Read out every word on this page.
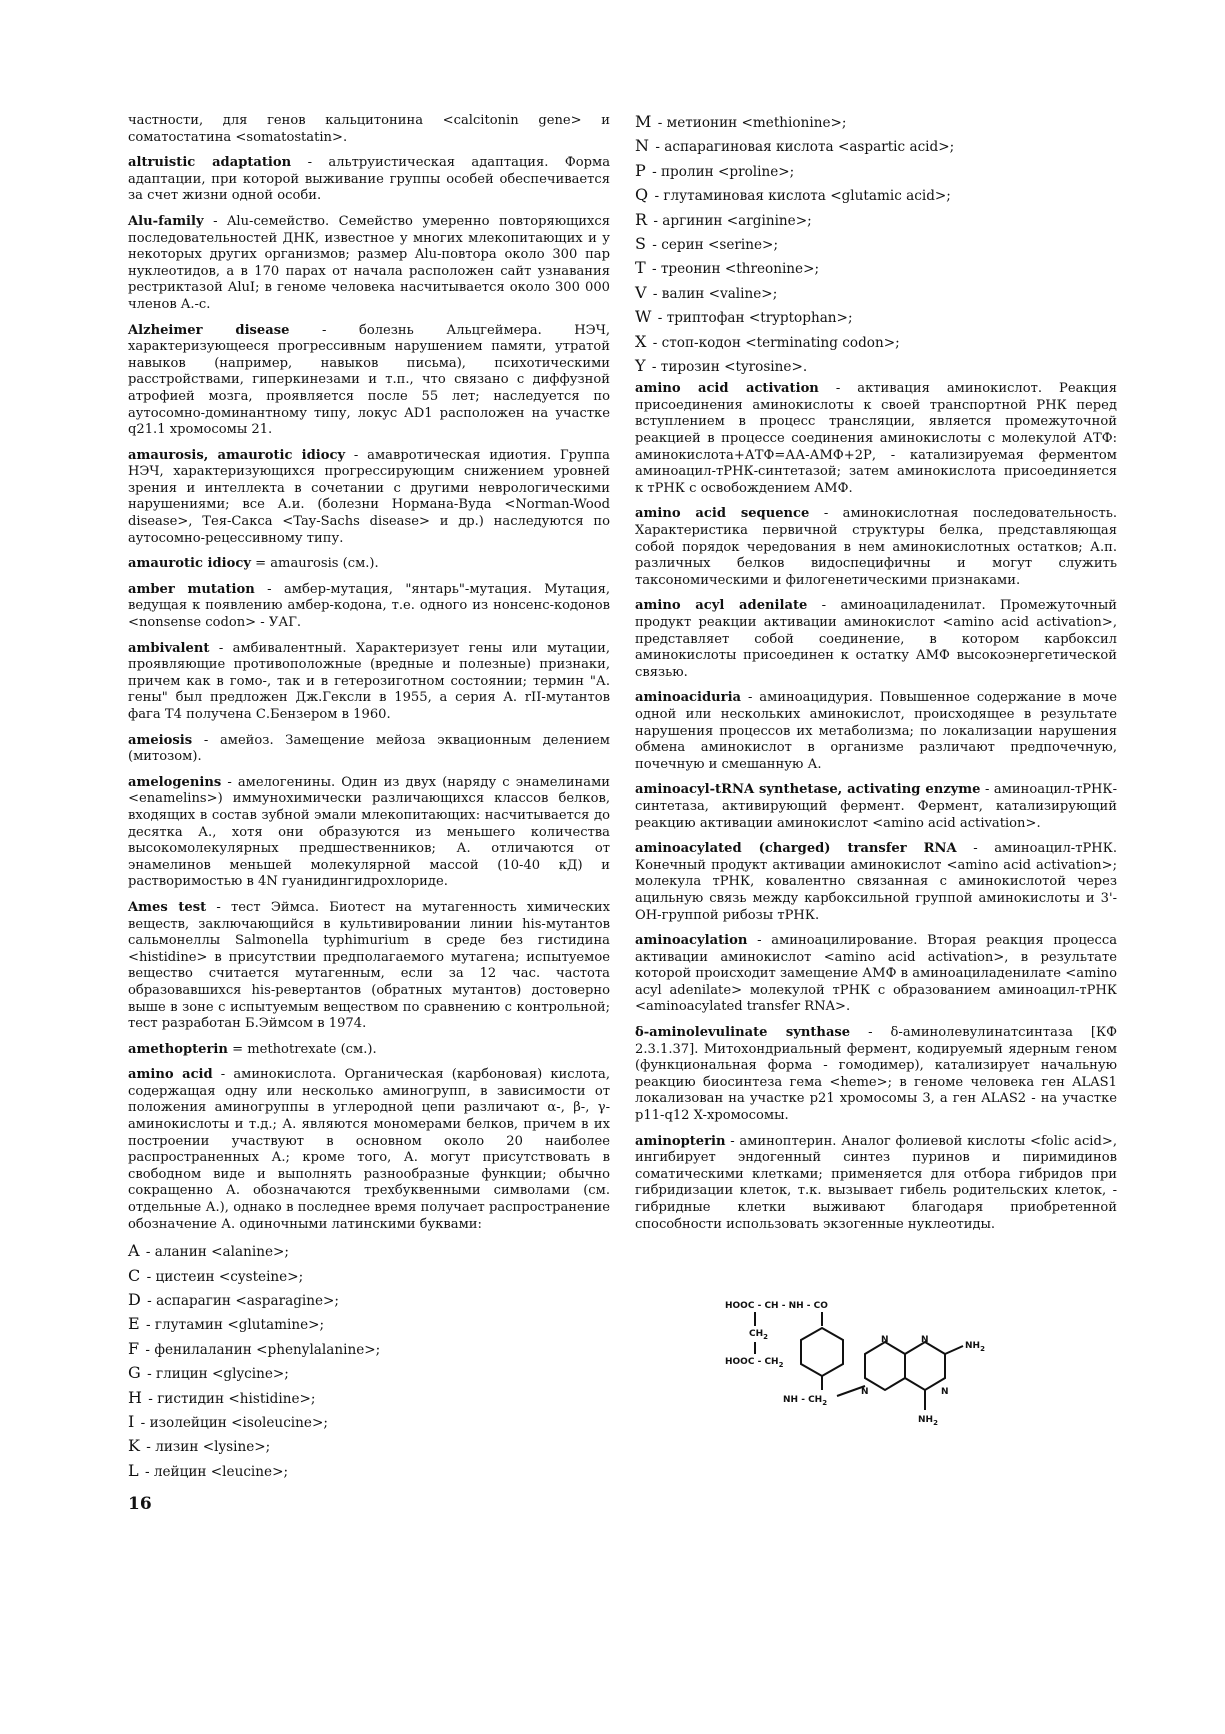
частности, для генов кальцитонина <calcitonin gene> и соматостатина <somatostatin>.
altruistic adaptation - альтруистическая адаптация. Форма адаптации, при которой выживание группы особей обеспечивается за счет жизни одной особи.
Alu-family - Alu-семейство. Семейство умеренно повторяющихся последовательностей ДНК, известное у многих млекопитающих и у некоторых других организмов; размер Alu-повтора около 300 пар нуклеотидов, а в 170 парах от начала расположен сайт узнавания рестриктазой AluI; в геноме человека насчитывается около 300 000 членов A.-с.
Alzheimer disease - болезнь Альцгеймера. НЭЧ, характеризующееся прогрессивным нарушением памяти, утратой навыков (например, навыков письма), психотическими расстройствами, гиперкинезами и т.п., что связано с диффузной атрофией мозга, проявляется после 55 лет; наследуется по аутосомно-доминантному типу, локус AD1 расположен на участке q21.1 хромосомы 21.
amaurosis, amaurotic idiocy - амавротическая идиотия. Группа НЭЧ, характеризующихся прогрессирующим снижением уровней зрения и интеллекта в сочетании с другими неврологическими нарушениями; все А.и. (болезни Нормана-Вуда <Norman-Wood disease>, Тея-Сакса <Tay-Sachs disease> и др.) наследуются по аутосомно-рецессивному типу.
amaurotic idiocy = amaurosis (см.).
amber mutation - амбер-мутация, "янтарь"-мутация. Мутация, ведущая к появлению амбер-кодона, т.е. одного из нонсенс-кодонов <nonsense codon> - УАГ.
ambivalent - амбивалентный. Характеризует гены или мутации, проявляющие противоположные (вредные и полезные) признаки, причем как в гомо-, так и в гетерозиготном состоянии; термин "А. гены" был предложен Дж.Гексли в 1955, а серия A. rII-мутантов фага T4 получена С.Бензером в 1960.
ameiosis - амейоз. Замещение мейоза эквационным делением (митозом).
amelogenins - амелогенины. Один из двух (наряду с энамелинами <enamelins>) иммунохимически различающихся классов белков, входящих в состав зубной эмали млекопитающих: насчитывается до десятка А., хотя они образуются из меньшего количества высокомолекулярных предшественников; А. отличаются от энамелинов меньшей молекулярной массой (10-40 кД) и растворимостью в 4N гуанидингидрохлориде.
Ames test - тест Эймса. Биотест на мутагенность химических веществ, заключающийся в культивировании линии his-мутантов сальмонеллы Salmonella typhimurium в среде без гистидина <histidine> в присутствии предполагаемого мутагена; испытуемое вещество считается мутагенным, если за 12 час. частота образовавшихся his-ревертантов (обратных мутантов) достоверно выше в зоне с испытуемым веществом по сравнению с контрольной; тест разработан Б.Эймсом в 1974.
amethopterin = methotrexate (см.).
amino acid - аминокислота. Органическая (карбоновая) кислота, содержащая одну или несколько аминогрупп, в зависимости от положения аминогруппы в углеродной цепи различают α-, β-, γ-аминокислоты и т.д.; А. являются мономерами белков, причем в их построении участвуют в основном около 20 наиболее распространенных А.; кроме того, А. могут присутствовать в свободном виде и выполнять разнообразные функции; обычно сокращенно А. обозначаются трехбуквенными символами (см. отдельные А.), однако в последнее время получает распространение обозначение А. одиночными латинскими буквами:
A - аланин <alanine>;
C - цистеин <cysteine>;
D - аспарагин <asparagine>;
E - глутамин <glutamine>;
F - фенилаланин <phenylalanine>;
G - глицин <glycine>;
H - гистидин <histidine>;
I - изолейцин <isoleucine>;
K - лизин <lysine>;
L - лейцин <leucine>;
M - метионин <methionine>;
N - аспарагиновая кислота <aspartic acid>;
P - пролин <proline>;
Q - глутаминовая кислота <glutamic acid>;
R - аргинин <arginine>;
S - серин <serine>;
T - треонин <threonine>;
V - валин <valine>;
W - триптофан <tryptophan>;
X - стоп-кодон <terminating codon>;
Y - тирозин <tyrosine>.
amino acid activation - активация аминокислот. Реакция присоединения аминокислоты к своей транспортной РНК перед вступлением в процесс трансляции, является промежуточной реакцией в процессе соединения аминокислоты с молекулой АТФ: аминокислота+АТФ=АА-АМФ+2Р, - катализируемая ферментом аминоацил-тРНК-синтетазой; затем аминокислота присоединяется к тРНК с освобождением АМФ.
amino acid sequence - аминокислотная последовательность. Характеристика первичной структуры белка, представляющая собой порядок чередования в нем аминокислотных остатков; А.п. различных белков видоспецифичны и могут служить таксономическими и филогенетическими признаками.
amino acyl adenilate - аминоациладенилат. Промежуточный продукт реакции активации аминокислот <amino acid activation>, представляет собой соединение, в котором карбоксил аминокислоты присоединен к остатку АМФ высокоэнергетической связью.
aminoaciduria - аминоацидурия. Повышенное содержание в моче одной или нескольких аминокислот, происходящее в результате нарушения процессов их метаболизма; по локализации нарушения обмена аминокислот в организме различают предпочечную, почечную и смешанную А.
aminoacyl-tRNA synthetase, activating enzyme - аминоацил-тРНК-синтетаза, активирующий фермент. Фермент, катализирующий реакцию активации аминокислот <amino acid activation>.
aminoacylated (charged) transfer RNA - аминоацил-тРНК. Конечный продукт активации аминокислот <amino acid activation>; молекула тРНК, ковалентно связанная с аминокислотой через ацильную связь между карбоксильной группой аминокислоты и 3'-ОН-группой рибозы тРНК.
aminoacylation - аминоацилирование. Вторая реакция процесса активации аминокислот <amino acid activation>, в результате которой происходит замещение АМФ в аминоациладенилате <amino acyl adenilate> молекулой тРНК с образованием аминоацил-тРНК <aminoacylated transfer RNA>.
δ-aminolevulinate synthase - δ-аминолевулинатсинтаза [КФ 2.3.1.37]. Митохондриальный фермент, кодируемый ядерным геном (функциональная форма - гомодимер), катализирует начальную реакцию биосинтеза гема <heme>; в геноме человека ген ALAS1 локализован на участке p21 хромосомы 3, а ген ALAS2 - на участке p11-q12 X-хромосомы.
aminopterin - аминоптерин. Аналог фолиевой кислоты <folic acid>, ингибирует эндогенный синтез пуринов и пиримидинов соматическими клетками; применяется для отбора гибридов при гибридизации клеток, т.к. вызывает гибель родительских клеток, - гибридные клетки выживают благодаря приобретенной способности использовать экзогенные нуклеотиды.
HOOC - CH - NH - CO
$CH_2$
HOOC - $CH_2$
NH - $CH_2$
N	N
N	N
$NH_2$
$NH_2$
16
